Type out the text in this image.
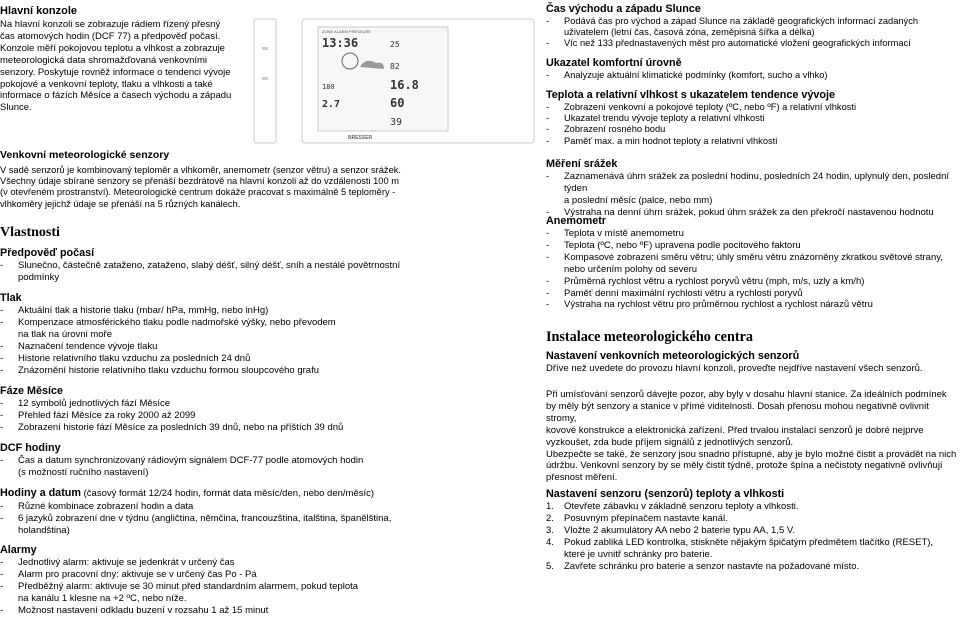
Hlavní konzole

Na hlavní konzoli se zobrazuje rádiem řízený přesný
čas atomových hodin (DCF 77) a předpověď počasí.
Konzole měří pokojovou teplotu a vlhkost a zobrazuje
meteorologická data shromažďovaná venkovními
senzory. Poskytuje rovněž informace o tendenci vývoje
pokojové a venkovní teploty, tlaku a vlhkosti a také
informace o fázích Měsíce a časech východu a západu
Slunce.

Venkovní meteorologické senzory

V sadě senzorů je kombinovaný teploměr a vlhkoměr, anemometr (senzor větru) a senzor srážek.
Všechny údaje sbírané senzory se přenáší bezdrátově na hlavní konzoli až do vzdálenosti 100 m
(v otevřeném prostranství). Meteorologické centrum dokáže pracovat s maximálně 5 teploměry -
vlhkoměry jejichž údaje se přenáší na 5 různých kanálech.

Vlastnosti

Předpověď počasí

- Slunečno, částečně zataženo, zataženo, slabý déšť, silný déšť, sníh a nestálé povětrnostní
podmínky

Tlak

- Aktuální tlak a historie tlaku (mbar/ hPa, mmHg, nebo inHg)
- Kompenzace atmosférického tlaku podle nadmořské výšky, nebo převodem
na tlak na úrovni moře
- Naznačení tendence vývoje tlaku
- Historie relativního tlaku vzduchu za posledních 24 dnů
- Znázornění historie relativního tlaku vzduchu formou sloupcového grafu

Fáze Měsíce

- 12 symbolů jednotlivých fází Měsíce
- Přehled fází Měsíce za roky 2000 až 2099
- Zobrazení historie fází Měsíce za posledních 39 dnů, nebo na příštích 39 dnů

DCF hodiny

- Čas a datum synchronizovaný rádiovým signálem DCF-77 podle atomových hodin
(s možností ručního nastavení)

Hodiny a datum (časový formát 12/24 hodin, formát data měsíc/den, nebo den/měsíc)

- Různé kombinace zobrazení hodin a data
- 6 jazyků zobrazení dne v týdnu (angličtina, němčina, francouzština, italština, španělština,
holandština)

Alarmy

- Jednotlivý alarm: aktivuje se jedenkrát v určený čas
- Alarm pro pracovní dny: aktivuje se v určený čas Po - Pá
- Předběžný alarm: aktivuje se 30 minut před standardním alarmem, pokud teplota
na kanálu 1 klesne na +2 ºC, nebo níže.
- Možnost nastavení odkladu buzení v rozsahu 1 až 15 minut
ZONE ALARM PRESSURE
13:36	25
82
180	16.8
2.7	60
39
BRESSER

Čas východu a západu Slunce

- Podává čas pro východ a západ Slunce na základě geografických informací zadaných
uživatelem (letní čas, časová zóna, zeměpisná šířka a délka)
- Víc než 133 přednastavených měst pro automatické vložení geografických informací

Ukazatel komfortní úrovně

- Analyzuje aktuální klimatické podmínky (komfort, sucho a vlhko)

Teplota a relativní vlhkost s ukazatelem tendence vývoje

- Zobrazení venkovní a pokojové teploty (ºC, nebo ºF) a relativní vlhkosti
- Ukazatel trendu vývoje teploty a relativní vlhkosti
- Zobrazení rosného bodu
- Paměť max. a min hodnot teploty a relativní vlhkosti

Měření srážek

- Zaznamenává úhrn srážek za poslední hodinu, posledních 24 hodin, uplynulý den, poslední týden
a poslední měsíc (palce, nebo mm)
- Výstraha na denní úhrn srážek, pokud úhrn srážek za den překročí nastavenou hodnotu

Anemometr

- Teplota v místě anemometru
- Teplota (ºC, nebo ºF) upravena podle pocitového faktoru
- Kompasové zobrazení směru větru; úhly směru větru znázorněny zkratkou světové strany,
nebo určením polohy od severu
- Průměrná rychlost větru a rychlost poryvů větru (mph, m/s, uzly a km/h)
- Paměť denní maximální rychlosti větru a rychlosti poryvů
- Výstraha na rychlost větru pro průměrnou rychlost a rychlost nárazů větru

Instalace meteorologického centra

Nastavení venkovních meteorologických senzorů

Dříve než uvedete do provozu hlavní konzoli, proveďte nejdříve nastavení všech senzorů.

Při umísťování senzorů dávejte pozor, aby byly v dosahu hlavní stanice. Za ideálních podmínek
by měly být senzory a stanice v přímé viditelnosti. Dosah přenosu mohou negativně ovlivnit stromy,
kovové konstrukce a elektronická zařízení. Před trvalou instalací senzorů je dobré nejprve
vyzkoušet, zda bude příjem signálů z jednotlivých senzorů.
Ubezpečte se také, že senzory jsou snadno přístupné, aby je bylo možné čistit a provádět na nich
údržbu. Venkovní senzory by se měly čistit týdně, protože špína a nečistoty negativně ovlivňují
přesnost měření.

Nastavení senzoru (senzorů) teploty a vlhkosti

1. Otevřete zábavku v základně senzoru teploty a vlhkosti.
2. Posuvným přepínačem nastavte kanál.
3. Vložte 2 akumulátory AA nebo 2 baterie typu AA, 1,5 V.
4. Pokud zabliká LED kontrolka, stiskněte nějakým špičatým předmětem tlačítko (RESET),
které je uvnitř schránky pro baterie.
5. Zavřete schránku pro baterie a senzor nastavte na požadované místo.
